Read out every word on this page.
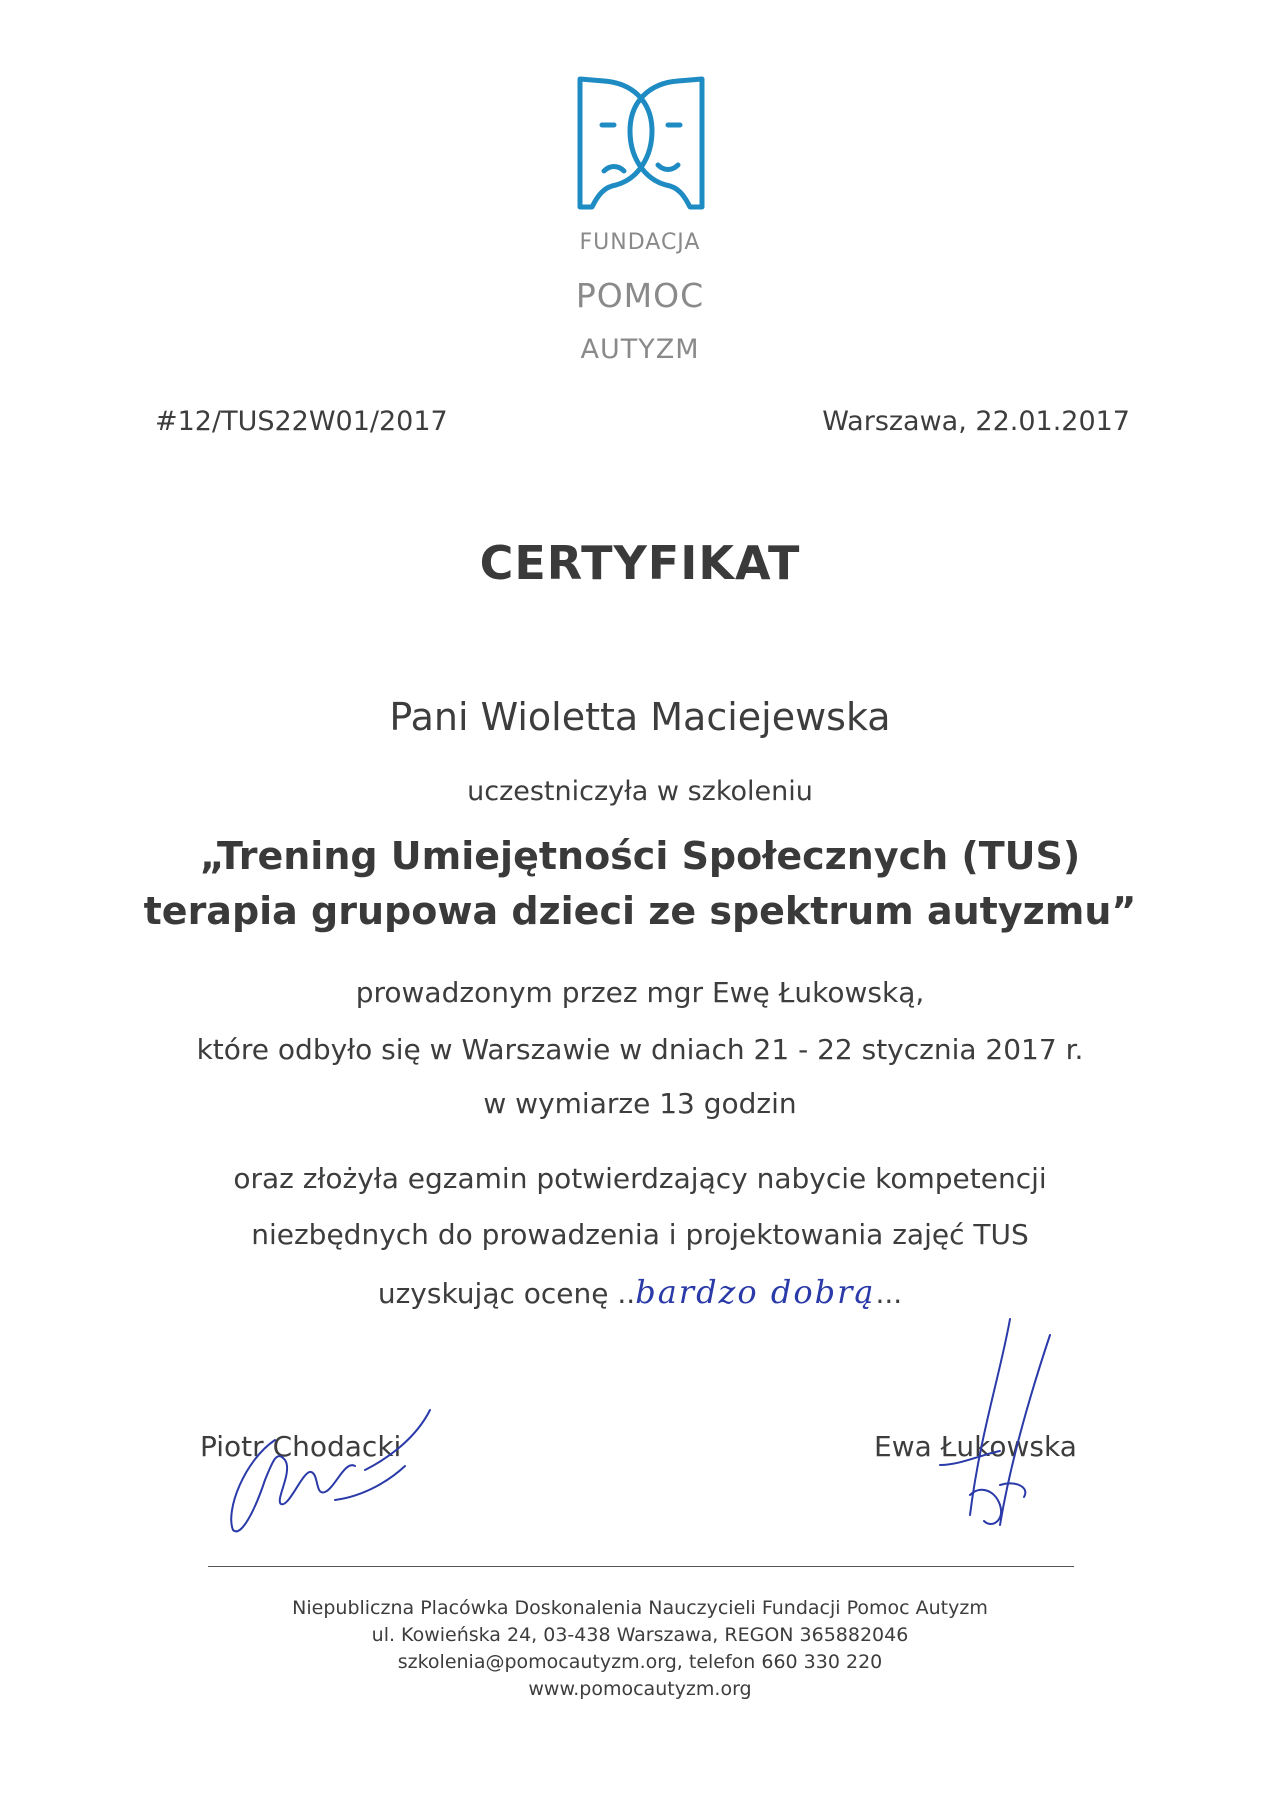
FUNDACJA
POMOC
AUTYZM
#12/TUS22W01/2017	Warszawa, 22.01.2017
CERTYFIKAT
Pani Wioletta Maciejewska
uczestniczyła w szkoleniu
„Trening Umiejętności Społecznych (TUS)
terapia grupowa dzieci ze spektrum autyzmu”
prowadzonym przez mgr Ewę Łukowską,
które odbyło się w Warszawie w dniach 21 - 22 stycznia 2017 r.
w wymiarze 13 godzin
oraz złożyła egzamin potwierdzający nabycie kompetencji
niezbędnych do prowadzenia i projektowania zajęć TUS
uzyskując ocenę ..bardzo dobrą...
Piotr Chodacki	Ewa Łukowska
Niepubliczna Placówka Doskonalenia Nauczycieli Fundacji Pomoc Autyzm
ul. Kowieńska 24, 03-438 Warszawa, REGON 365882046
szkolenia@pomocautyzm.org, telefon 660 330 220
www.pomocautyzm.org
